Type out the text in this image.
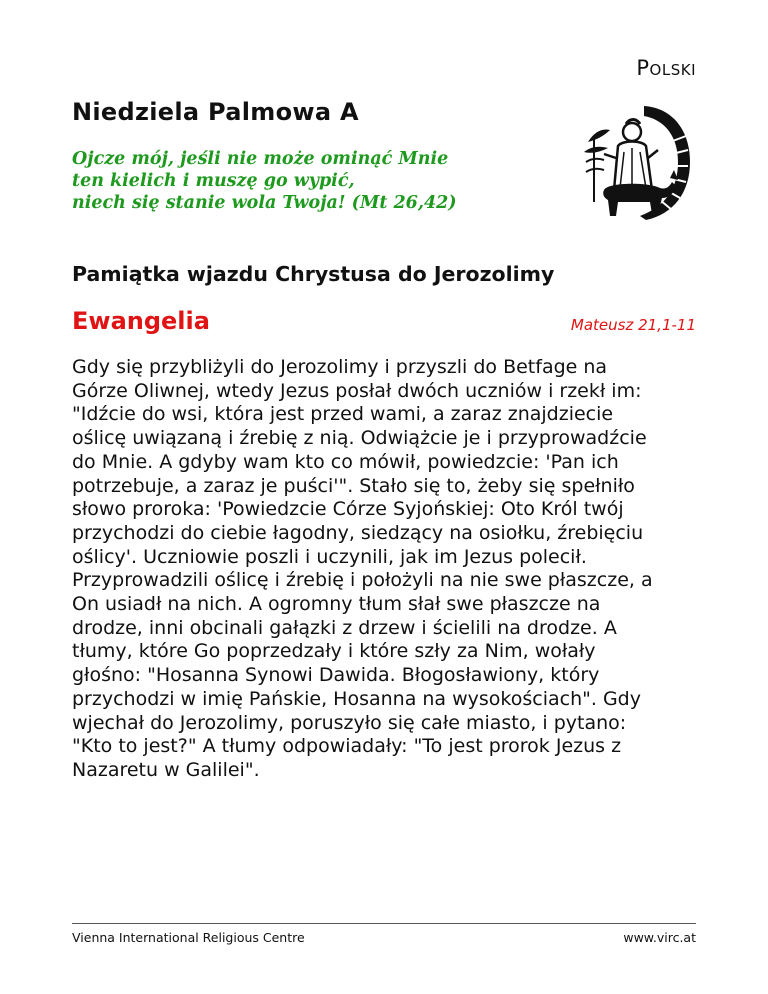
Polski
Niedziela Palmowa A
Ojcze mój, jeśli nie może ominąć Mnie
ten kielich i muszę go wypić,
niech się stanie wola Twoja! (Mt 26,42)
Pamiątka wjazdu Chrystusa do Jerozolimy
Ewangelia	Mateusz 21,1-11
Gdy się przybliżyli do Jerozolimy i przyszli do Betfage na
Górze Oliwnej, wtedy Jezus posłał dwóch uczniów i rzekł im:
"Idźcie do wsi, która jest przed wami, a zaraz znajdziecie
oślicę uwiązaną i źrebię z nią. Odwiążcie je i przyprowadźcie
do Mnie. A gdyby wam kto co mówił, powiedzcie: 'Pan ich
potrzebuje, a zaraz je puści'". Stało się to, żeby się spełniło
słowo proroka: 'Powiedzcie Córze Syjońskiej: Oto Król twój
przychodzi do ciebie łagodny, siedzący na osiołku, źrebięciu
oślicy'. Uczniowie poszli i uczynili, jak im Jezus polecił.
Przyprowadzili oślicę i źrebię i położyli na nie swe płaszcze, a
On usiadł na nich. A ogromny tłum słał swe płaszcze na
drodze, inni obcinali gałązki z drzew i ścielili na drodze. A
tłumy, które Go poprzedzały i które szły za Nim, wołały
głośno: "Hosanna Synowi Dawida. Błogosławiony, który
przychodzi w imię Pańskie, Hosanna na wysokościach". Gdy
wjechał do Jerozolimy, poruszyło się całe miasto, i pytano:
"Kto to jest?" A tłumy odpowiadały: "To jest prorok Jezus z
Nazaretu w Galilei".
Vienna International Religious Centre	www.virc.at
